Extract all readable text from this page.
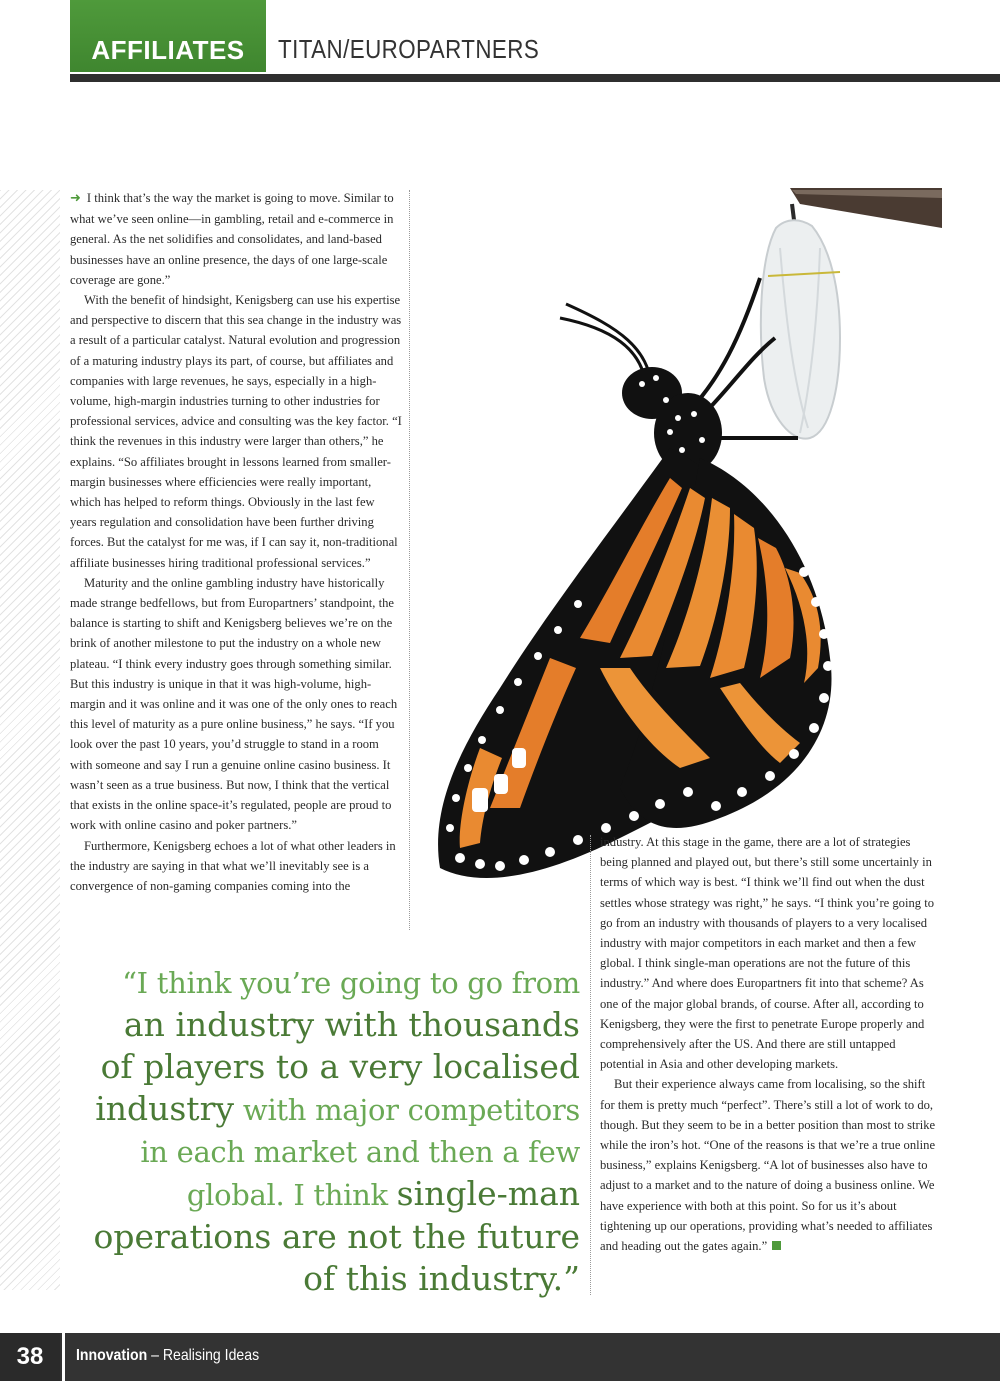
AFFILIATES TITAN/EUROPARTNERS

➜ I think that’s the way the market is going to move. Similar to what we’ve seen online—in gambling, retail and e-commerce in general. As the net solidifies and consolidates, and land-based businesses have an online presence, the days of one large-scale coverage are gone.”

With the benefit of hindsight, Kenigsberg can use his expertise and perspective to discern that this sea change in the industry was a result of a particular catalyst. Natural evolution and progression of a maturing industry plays its part, of course, but affiliates and companies with large revenues, he says, especially in a high-volume, high-margin industries turning to other industries for professional services, advice and consulting was the key factor. “I think the revenues in this industry were larger than others,” he explains. “So affiliates brought in lessons learned from smaller-margin businesses where efficiencies were really important, which has helped to reform things. Obviously in the last few years regulation and consolidation have been further driving forces. But the catalyst for me was, if I can say it, non-traditional affiliate businesses hiring traditional professional services.”

Maturity and the online gambling industry have historically made strange bedfellows, but from Europartners’ standpoint, the balance is starting to shift and Kenigsberg believes we’re on the brink of another milestone to put the industry on a whole new plateau. “I think every industry goes through something similar. But this industry is unique in that it was high-volume, high-margin and it was online and it was one of the only ones to reach this level of maturity as a pure online business,” he says. “If you look over the past 10 years, you’d struggle to stand in a room with someone and say I run a genuine online casino business. It wasn’t seen as a true business. But now, I think that the vertical that exists in the online space-it’s regulated, people are proud to work with online casino and poker partners.”

Furthermore, Kenigsberg echoes a lot of what other leaders in the industry are saying in that what we’ll inevitably see is a convergence of non-gaming companies coming into the

“I think you’re going to go from
an industry with thousands
of players to a very localised
industry with major competitors
in each market and then a few
global. I think single-man
operations are not the future
of this industry.”

industry. At this stage in the game, there are a lot of strategies being planned and played out, but there’s still some uncertainly in terms of which way is best. “I think we’ll find out when the dust settles whose strategy was right,” he says. “I think you’re going to go from an industry with thousands of players to a very localised industry with major competitors in each market and then a few global. I think single-man operations are not the future of this industry.” And where does Europartners fit into that scheme? As one of the major global brands, of course. After all, according to Kenigsberg, they were the first to penetrate Europe properly and comprehensively after the US. And there are still untapped potential in Asia and other developing markets.

But their experience always came from localising, so the shift for them is pretty much “perfect”. There’s still a lot of work to do, though. But they seem to be in a better position than most to strike while the iron’s hot. “One of the reasons is that we’re a true online business,” explains Kenigsberg. “A lot of businesses also have to adjust to a market and to the nature of doing a business online. We have experience with both at this point. So for us it’s about tightening up our operations, providing what’s needed to affiliates and heading out the gates again.”

38	Innovation – Realising Ideas
